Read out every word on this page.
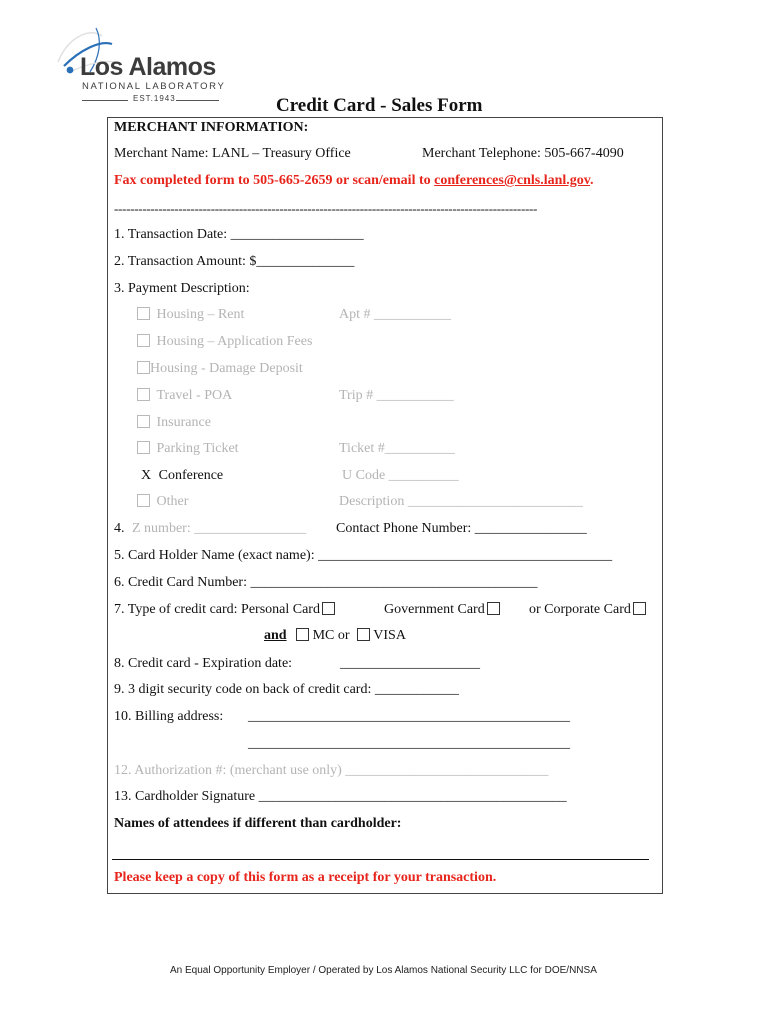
Los Alamos
NATIONAL LABORATORY
EST.1943	Credit Card - Sales Form
MERCHANT INFORMATION:
Merchant Name: LANL – Treasury Office	Merchant Telephone: 505-667-4090
Fax completed form to 505-665-2659 or scan/email to conferences@cnls.lanl.gov.
---------------------------------------------------------------------------------------------------------
1. Transaction Date: ___________________
2. Transaction Amount: $______________
3. Payment Description:
Housing – Rent	Apt # ___________
Housing – Application Fees
Housing - Damage Deposit
Travel - POA	Trip # ___________
Insurance
Parking Ticket	Ticket #__________
X Conference	U Code __________
Other	Description _________________________
4. Z number: ________________ Contact Phone Number: ________________
5. Card Holder Name (exact name): __________________________________________
6. Credit Card Number: _________________________________________
7. Type of credit card: Personal Card	Government Card	or Corporate Card
and MC or VISA
8. Credit card - Expiration date:	____________________
9. 3 digit security code on back of credit card: ____________
10. Billing address: ______________________________________________
______________________________________________
12. Authorization #: (merchant use only) _____________________________
13. Cardholder Signature ____________________________________________
Names of attendees if different than cardholder:
Please keep a copy of this form as a receipt for your transaction.
An Equal Opportunity Employer / Operated by Los Alamos National Security LLC for DOE/NNSA
